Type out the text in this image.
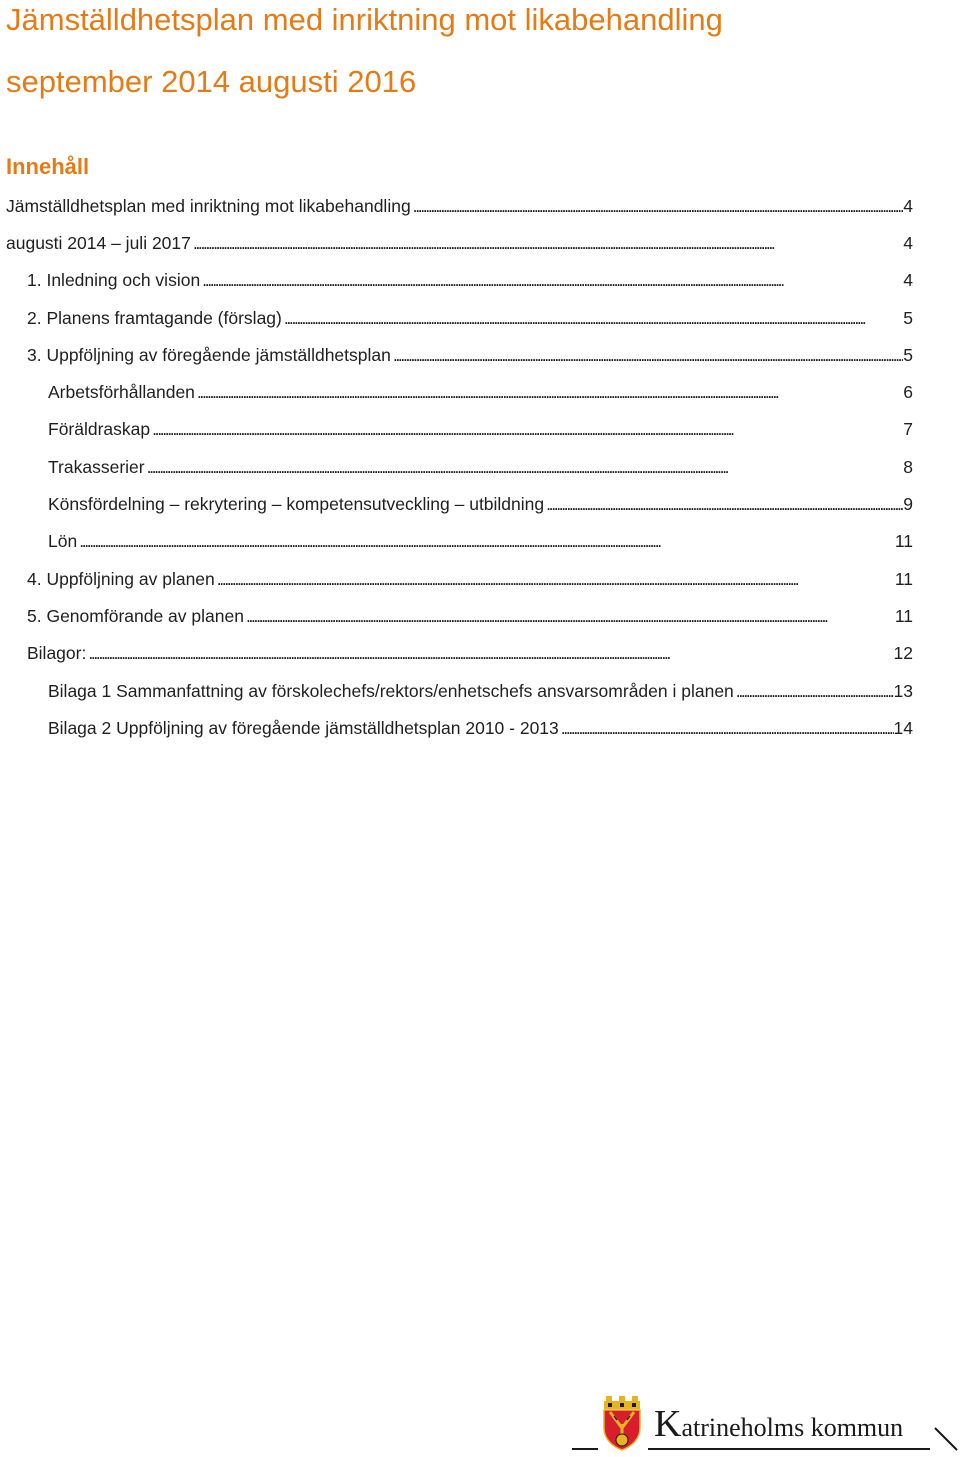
Jämställdhetsplan med inriktning mot likabehandling
september 2014 augusti 2016
Innehåll
Jämställdhetsplan med inriktning mot likabehandling . . .	4
augusti 2014 – juli 2017 . . .	4
1. Inledning och vision . . .	4
2. Planens framtagande (förslag) . . .	5
3. Uppföljning av föregående jämställdhetsplan . . .	5
Arbetsförhållanden . . .	6
Föräldraskap . . .	7
Trakasserier . . .	8
Könsfördelning – rekrytering – kompetensutveckling – utbildning . . .	9
Lön . . .	11
4. Uppföljning av planen . . .	11
5. Genomförande av planen . . .	11
Bilagor: . . .	12
Bilaga 1 Sammanfattning av förskolechefs/rektors/enhetschefs ansvarsområden i planen . . .	13
Bilaga 2 Uppföljning av föregående jämställdhetsplan 2010 - 2013 . . .	14
Katrineholms kommun
